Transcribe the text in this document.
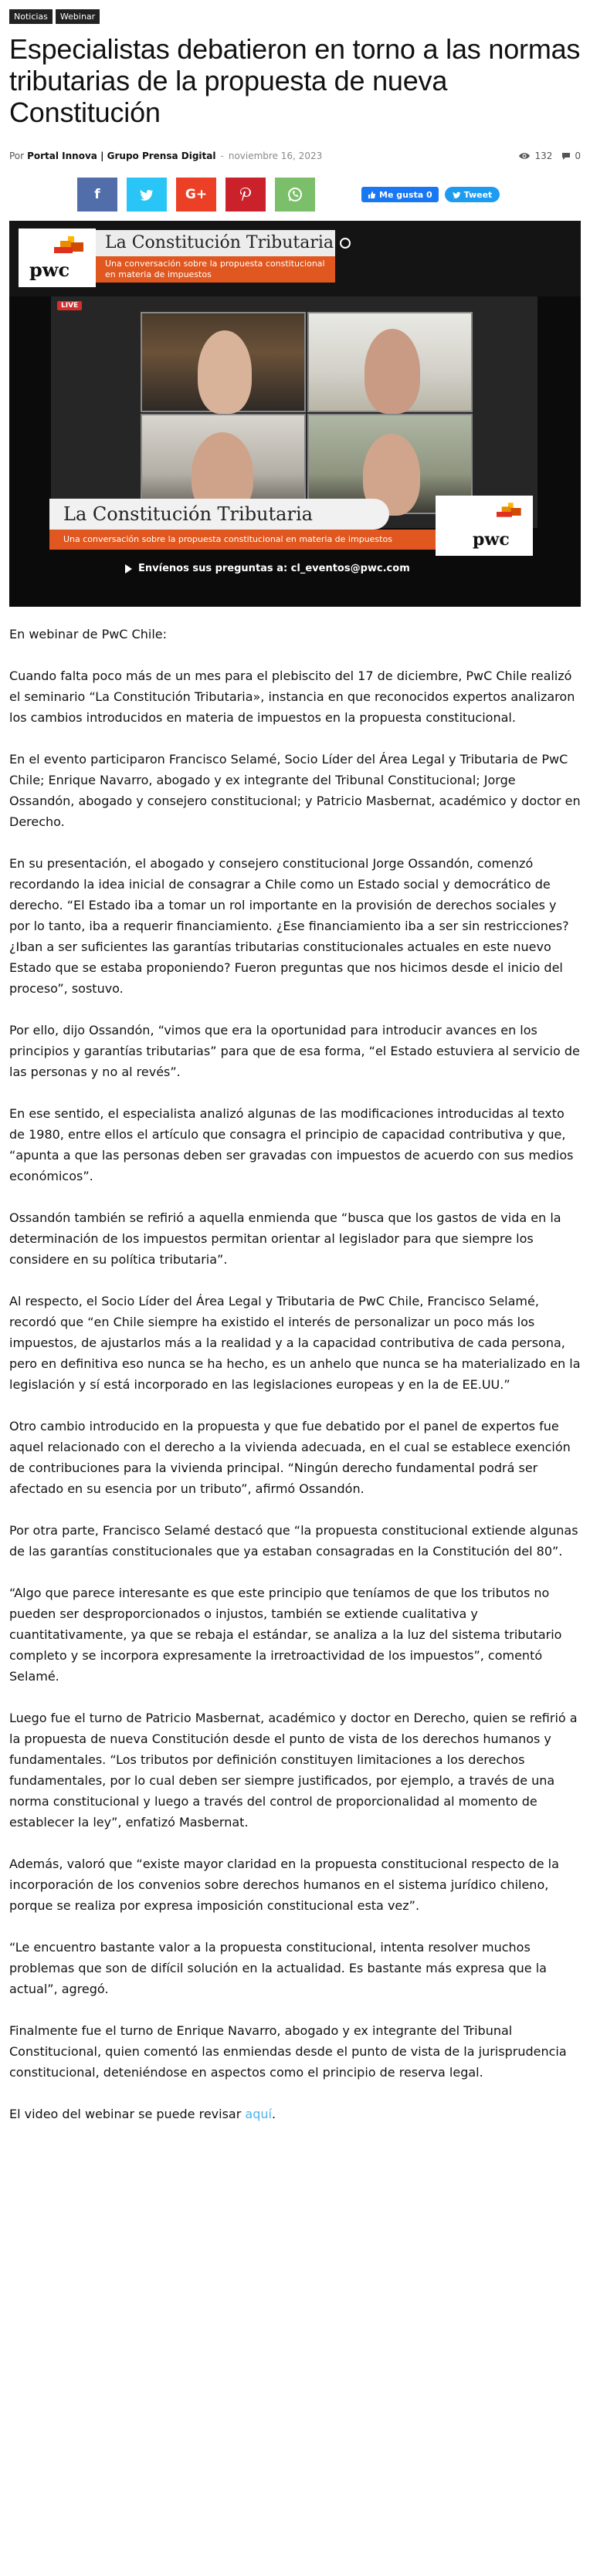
Noticias	Webinar
Especialistas debatieron en torno a las normas tributarias de la propuesta de nueva Constitución
Por Portal Innova | Grupo Prensa Digital - noviembre 16, 2023	132 0
f	G+	Me gusta 0	Tweet
pwc
La Constitución Tributaria
Una conversación sobre la propuesta constitucional en materia de impuestos
LIVE
La Constitución Tributaria
Una conversación sobre la propuesta constitucional en materia de impuestos	pwc
Envíenos sus preguntas a: cl_eventos@pwc.com

En webinar de PwC Chile:

Cuando falta poco más de un mes para el plebiscito del 17 de diciembre, PwC Chile realizó el seminario “La Constitución Tributaria», instancia en que reconocidos expertos analizaron los cambios introducidos en materia de impuestos en la propuesta constitucional.

En el evento participaron Francisco Selamé, Socio Líder del Área Legal y Tributaria de PwC Chile; Enrique Navarro, abogado y ex integrante del Tribunal Constitucional; Jorge Ossandón, abogado y consejero constitucional; y Patricio Masbernat, académico y doctor en Derecho.

En su presentación, el abogado y consejero constitucional Jorge Ossandón, comenzó recordando la idea inicial de consagrar a Chile como un Estado social y democrático de derecho. “El Estado iba a tomar un rol importante en la provisión de derechos sociales y por lo tanto, iba a requerir financiamiento. ¿Ese financiamiento iba a ser sin restricciones? ¿Iban a ser suficientes las garantías tributarias constitucionales actuales en este nuevo Estado que se estaba proponiendo? Fueron preguntas que nos hicimos desde el inicio del proceso”, sostuvo.

Por ello, dijo Ossandón, “vimos que era la oportunidad para introducir avances en los principios y garantías tributarias” para que de esa forma, “el Estado estuviera al servicio de las personas y no al revés”.

En ese sentido, el especialista analizó algunas de las modificaciones introducidas al texto de 1980, entre ellos el artículo que consagra el principio de capacidad contributiva y que, “apunta a que las personas deben ser gravadas con impuestos de acuerdo con sus medios económicos”.

Ossandón también se refirió a aquella enmienda que “busca que los gastos de vida en la determinación de los impuestos permitan orientar al legislador para que siempre los considere en su política tributaria”.

Al respecto, el Socio Líder del Área Legal y Tributaria de PwC Chile, Francisco Selamé, recordó que “en Chile siempre ha existido el interés de personalizar un poco más los impuestos, de ajustarlos más a la realidad y a la capacidad contributiva de cada persona, pero en definitiva eso nunca se ha hecho, es un anhelo que nunca se ha materializado en la legislación y sí está incorporado en las legislaciones europeas y en la de EE.UU.”

Otro cambio introducido en la propuesta y que fue debatido por el panel de expertos fue aquel relacionado con el derecho a la vivienda adecuada, en el cual se establece exención de contribuciones para la vivienda principal. “Ningún derecho fundamental podrá ser afectado en su esencia por un tributo”, afirmó Ossandón.

Por otra parte, Francisco Selamé destacó que “la propuesta constitucional extiende algunas de las garantías constitucionales que ya estaban consagradas en la Constitución del 80”.

“Algo que parece interesante es que este principio que teníamos de que los tributos no pueden ser desproporcionados o injustos, también se extiende cualitativa y cuantitativamente, ya que se rebaja el estándar, se analiza a la luz del sistema tributario completo y se incorpora expresamente la irretroactividad de los impuestos”, comentó Selamé.

Luego fue el turno de Patricio Masbernat, académico y doctor en Derecho, quien se refirió a la propuesta de nueva Constitución desde el punto de vista de los derechos humanos y fundamentales. “Los tributos por definición constituyen limitaciones a los derechos fundamentales, por lo cual deben ser siempre justificados, por ejemplo, a través de una norma constitucional y luego a través del control de proporcionalidad al momento de establecer la ley”, enfatizó Masbernat.

Además, valoró que “existe mayor claridad en la propuesta constitucional respecto de la incorporación de los convenios sobre derechos humanos en el sistema jurídico chileno, porque se realiza por expresa imposición constitucional esta vez”.

“Le encuentro bastante valor a la propuesta constitucional, intenta resolver muchos problemas que son de difícil solución en la actualidad. Es bastante más expresa que la actual”, agregó.

Finalmente fue el turno de Enrique Navarro, abogado y ex integrante del Tribunal Constitucional, quien comentó las enmiendas desde el punto de vista de la jurisprudencia constitucional, deteniéndose en aspectos como el principio de reserva legal.

El video del webinar se puede revisar aquí.
